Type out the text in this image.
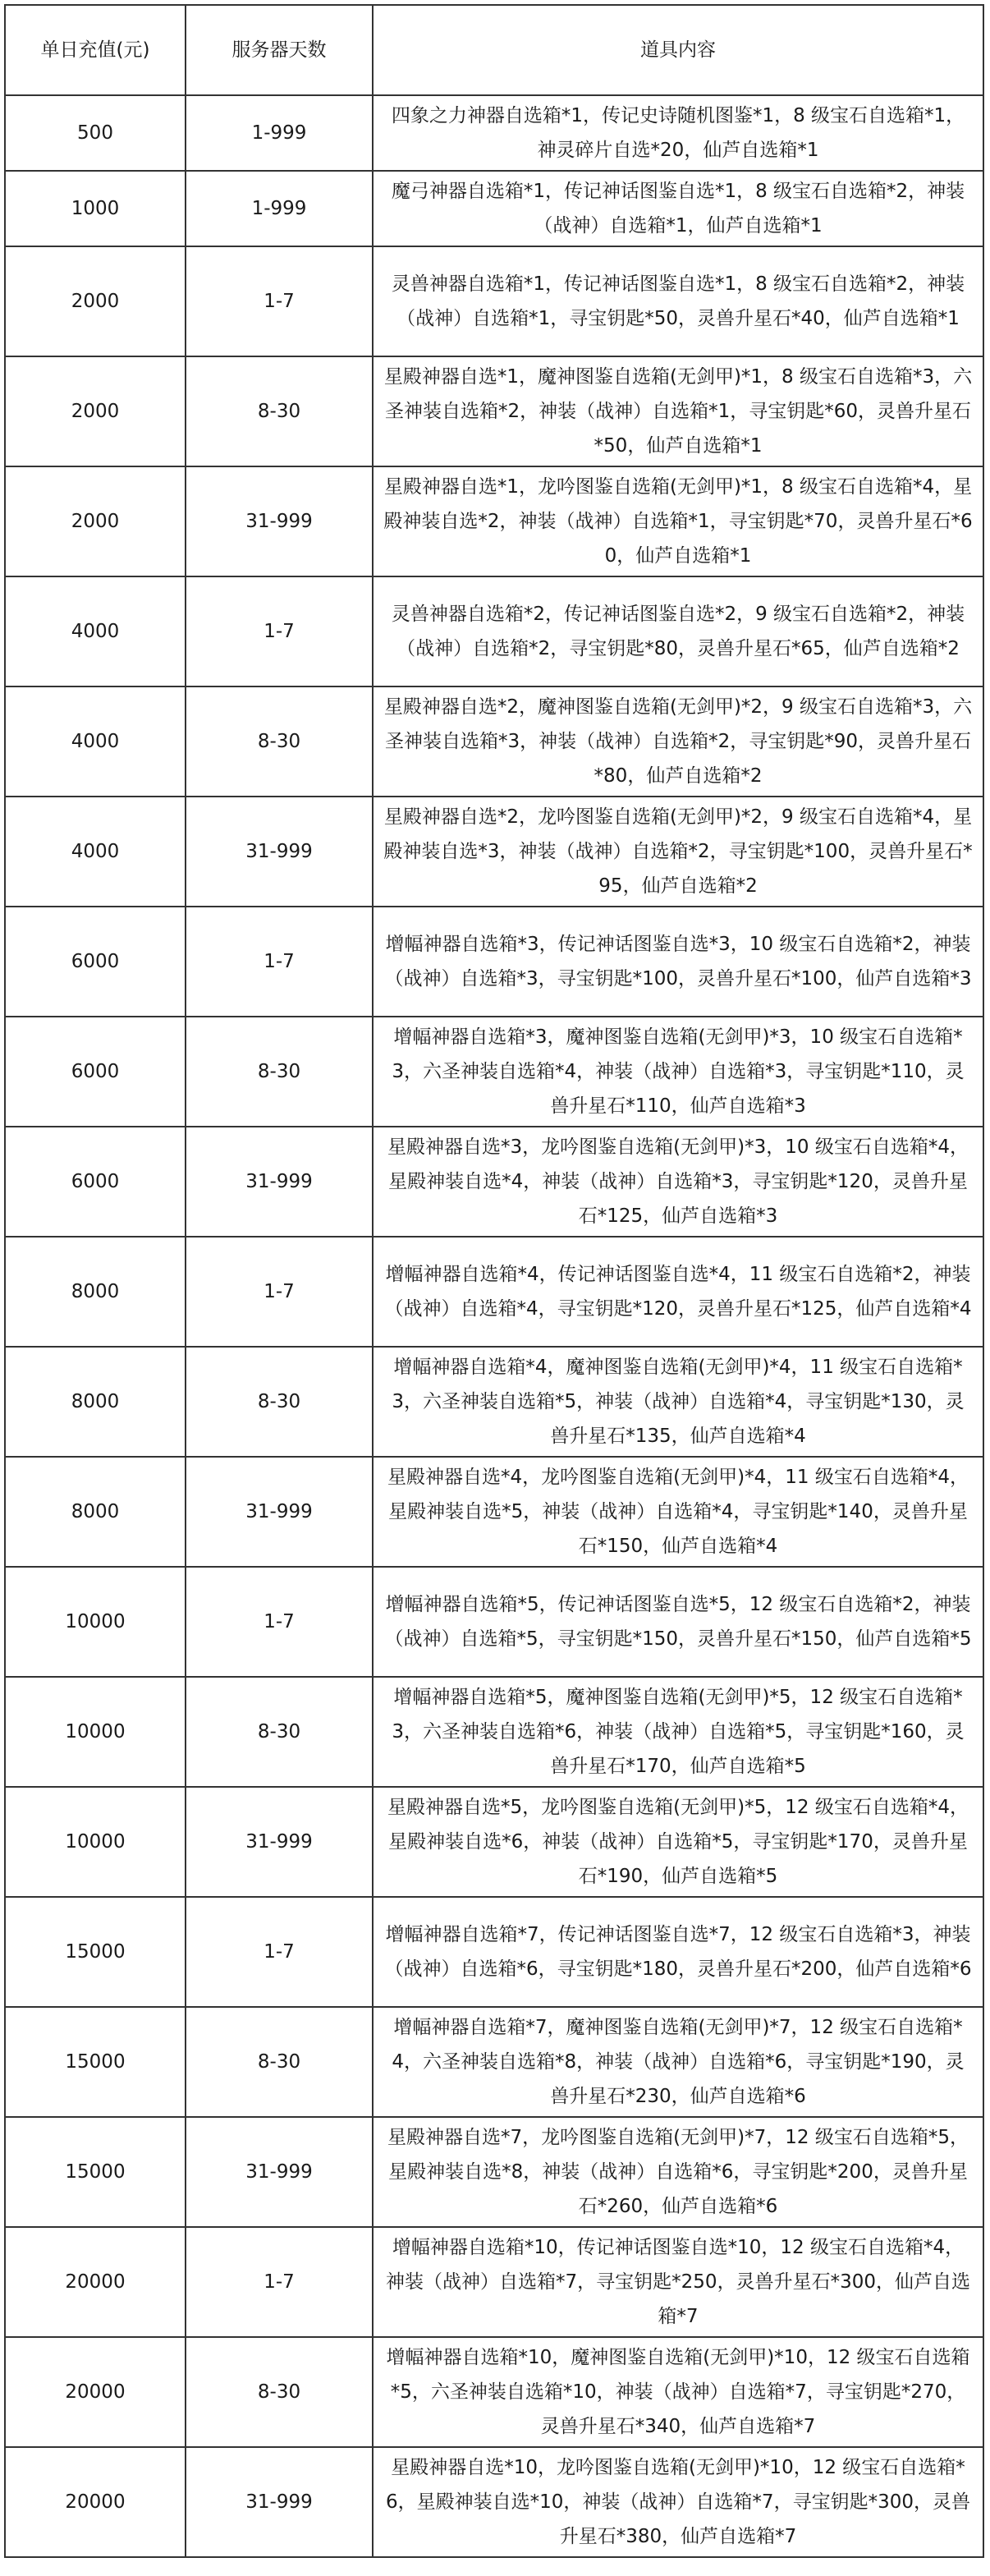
单日充值(元)	服务器天数	道具内容
500	1-999	四象之力神器自选箱*1，传记史诗随机图鉴*1，8 级宝石自选箱*1，神灵碎片自选*20，仙芦自选箱*1
1000	1-999	魔弓神器自选箱*1，传记神话图鉴自选*1，8 级宝石自选箱*2，神装（战神）自选箱*1，仙芦自选箱*1
2000	1-7	灵兽神器自选箱*1，传记神话图鉴自选*1，8 级宝石自选箱*2，神装（战神）自选箱*1，寻宝钥匙*50，灵兽升星石*40，仙芦自选箱*1
2000	8-30	星殿神器自选*1，魔神图鉴自选箱(无剑甲)*1，8 级宝石自选箱*3，六圣神装自选箱*2，神装（战神）自选箱*1，寻宝钥匙*60，灵兽升星石*50，仙芦自选箱*1
2000	31-999	星殿神器自选*1，龙吟图鉴自选箱(无剑甲)*1，8 级宝石自选箱*4，星殿神装自选*2，神装（战神）自选箱*1，寻宝钥匙*70，灵兽升星石*60，仙芦自选箱*1
4000	1-7	灵兽神器自选箱*2，传记神话图鉴自选*2，9 级宝石自选箱*2，神装（战神）自选箱*2，寻宝钥匙*80，灵兽升星石*65，仙芦自选箱*2
4000	8-30	星殿神器自选*2，魔神图鉴自选箱(无剑甲)*2，9 级宝石自选箱*3，六圣神装自选箱*3，神装（战神）自选箱*2，寻宝钥匙*90，灵兽升星石*80，仙芦自选箱*2
4000	31-999	星殿神器自选*2，龙吟图鉴自选箱(无剑甲)*2，9 级宝石自选箱*4，星殿神装自选*3，神装（战神）自选箱*2，寻宝钥匙*100，灵兽升星石*95，仙芦自选箱*2
6000	1-7	增幅神器自选箱*3，传记神话图鉴自选*3，10 级宝石自选箱*2，神装（战神）自选箱*3，寻宝钥匙*100，灵兽升星石*100，仙芦自选箱*3
6000	8-30	增幅神器自选箱*3，魔神图鉴自选箱(无剑甲)*3，10 级宝石自选箱*3，六圣神装自选箱*4，神装（战神）自选箱*3，寻宝钥匙*110，灵兽升星石*110，仙芦自选箱*3
6000	31-999	星殿神器自选*3，龙吟图鉴自选箱(无剑甲)*3，10 级宝石自选箱*4，星殿神装自选*4，神装（战神）自选箱*3，寻宝钥匙*120，灵兽升星石*125，仙芦自选箱*3
8000	1-7	增幅神器自选箱*4，传记神话图鉴自选*4，11 级宝石自选箱*2，神装（战神）自选箱*4，寻宝钥匙*120，灵兽升星石*125，仙芦自选箱*4
8000	8-30	增幅神器自选箱*4，魔神图鉴自选箱(无剑甲)*4，11 级宝石自选箱*3，六圣神装自选箱*5，神装（战神）自选箱*4，寻宝钥匙*130，灵兽升星石*135，仙芦自选箱*4
8000	31-999	星殿神器自选*4，龙吟图鉴自选箱(无剑甲)*4，11 级宝石自选箱*4，星殿神装自选*5，神装（战神）自选箱*4，寻宝钥匙*140，灵兽升星石*150，仙芦自选箱*4
10000	1-7	增幅神器自选箱*5，传记神话图鉴自选*5，12 级宝石自选箱*2，神装（战神）自选箱*5，寻宝钥匙*150，灵兽升星石*150，仙芦自选箱*5
10000	8-30	增幅神器自选箱*5，魔神图鉴自选箱(无剑甲)*5，12 级宝石自选箱*3，六圣神装自选箱*6，神装（战神）自选箱*5，寻宝钥匙*160，灵兽升星石*170，仙芦自选箱*5
10000	31-999	星殿神器自选*5，龙吟图鉴自选箱(无剑甲)*5，12 级宝石自选箱*4，星殿神装自选*6，神装（战神）自选箱*5，寻宝钥匙*170，灵兽升星石*190，仙芦自选箱*5
15000	1-7	增幅神器自选箱*7，传记神话图鉴自选*7，12 级宝石自选箱*3，神装（战神）自选箱*6，寻宝钥匙*180，灵兽升星石*200，仙芦自选箱*6
15000	8-30	增幅神器自选箱*7，魔神图鉴自选箱(无剑甲)*7，12 级宝石自选箱*4，六圣神装自选箱*8，神装（战神）自选箱*6，寻宝钥匙*190，灵兽升星石*230，仙芦自选箱*6
15000	31-999	星殿神器自选*7，龙吟图鉴自选箱(无剑甲)*7，12 级宝石自选箱*5，星殿神装自选*8，神装（战神）自选箱*6，寻宝钥匙*200，灵兽升星石*260，仙芦自选箱*6
20000	1-7	增幅神器自选箱*10，传记神话图鉴自选*10，12 级宝石自选箱*4，神装（战神）自选箱*7，寻宝钥匙*250，灵兽升星石*300，仙芦自选箱*7
20000	8-30	增幅神器自选箱*10，魔神图鉴自选箱(无剑甲)*10，12 级宝石自选箱*5，六圣神装自选箱*10，神装（战神）自选箱*7，寻宝钥匙*270，灵兽升星石*340，仙芦自选箱*7
20000	31-999	星殿神器自选*10，龙吟图鉴自选箱(无剑甲)*10，12 级宝石自选箱*6，星殿神装自选*10，神装（战神）自选箱*7，寻宝钥匙*300，灵兽升星石*380，仙芦自选箱*7
